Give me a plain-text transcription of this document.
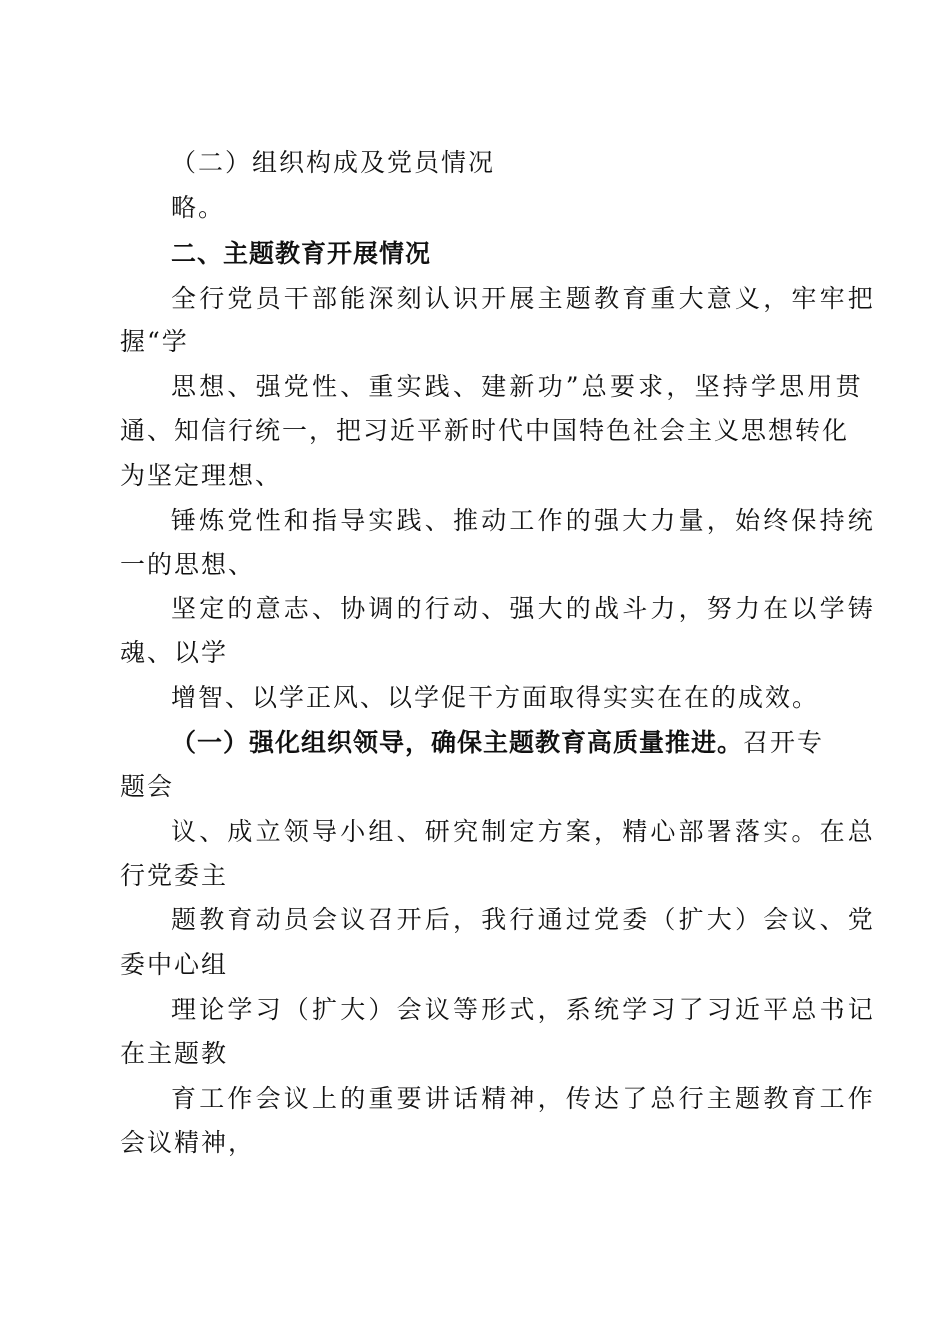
（二）组织构成及党员情况
略。
二、主题教育开展情况
全行党员干部能深刻认识开展主题教育重大意义，牢牢把
握“学
思想、强党性、重实践、建新功”总要求，坚持学思用贯
通、知信行统一，把习近平新时代中国特色社会主义思想转化
为坚定理想、
锤炼党性和指导实践、推动工作的强大力量，始终保持统
一的思想、
坚定的意志、协调的行动、强大的战斗力，努力在以学铸
魂、以学
增智、以学正风、以学促干方面取得实实在在的成效。
（一）强化组织领导，确保主题教育高质量推进。召开专
题会
议、成立领导小组、研究制定方案，精心部署落实。在总
行党委主
题教育动员会议召开后，我行通过党委（扩大）会议、党
委中心组
理论学习（扩大）会议等形式，系统学习了习近平总书记
在主题教
育工作会议上的重要讲话精神，传达了总行主题教育工作
会议精神，
